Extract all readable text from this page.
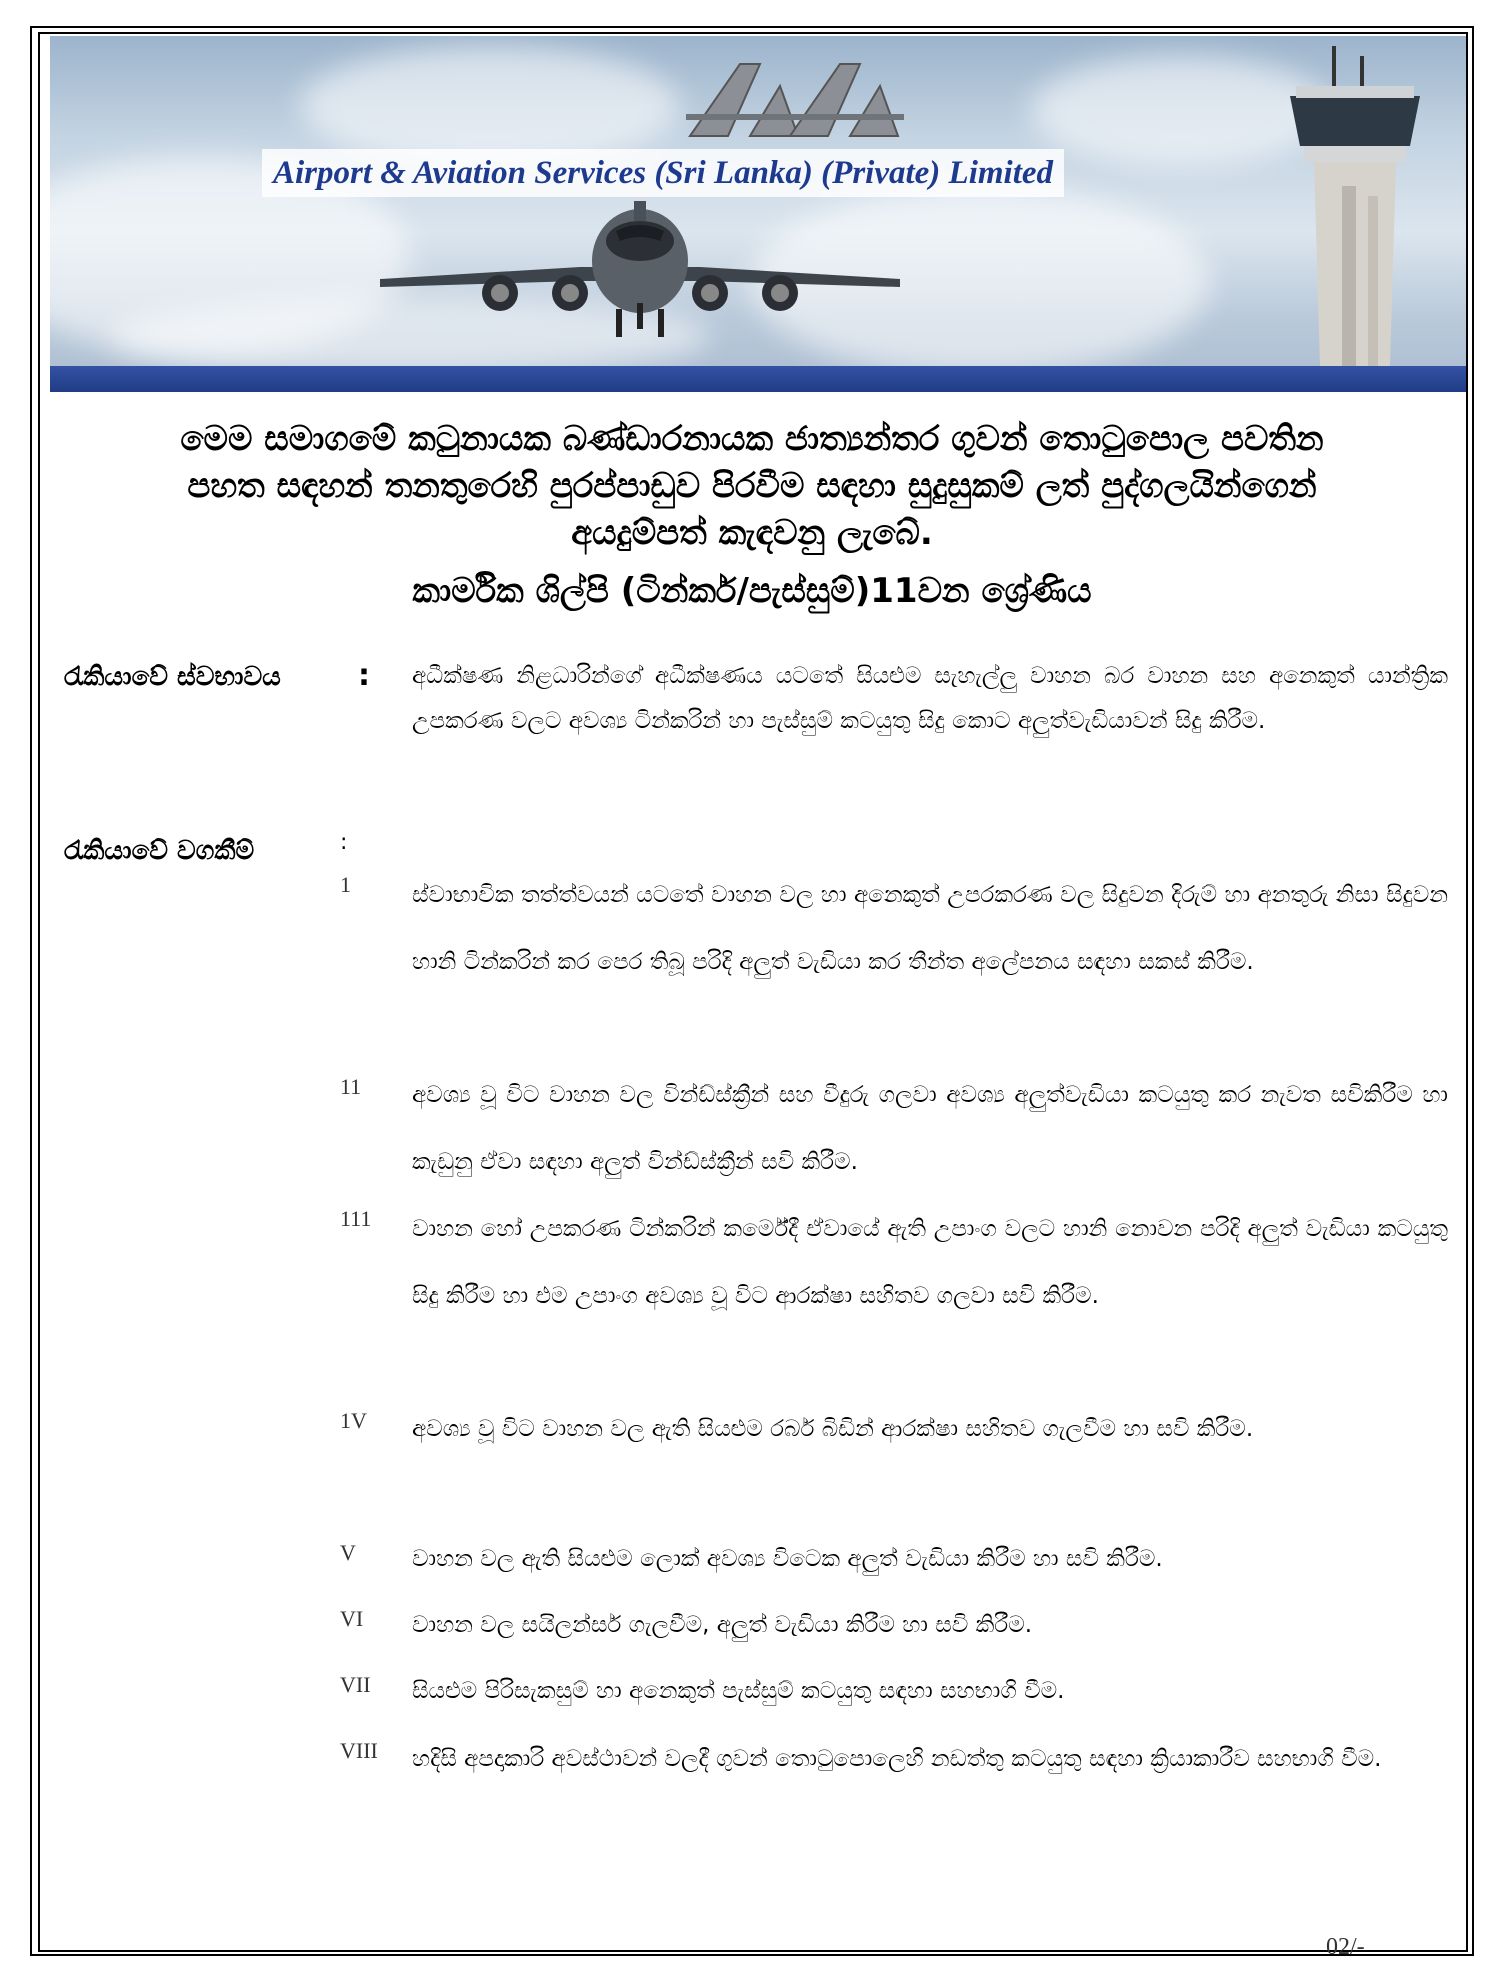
Airport & Aviation Services (Sri Lanka) (Private) Limited
මෙම සමාගමේ කටුනායක බණ්ඩාරනායක ජාත්‍යන්තර ගුවන් තොටුපොල පවතින
පහත සඳහන් තනතුරෙහි පුරප්පාඩුව පිරවීම සඳහා සුදුසුකම් ලත් පුද්ගලයින්ගෙන්
අයදුම්පත් කැඳවනු ලැබේ.
කාර්මික ශිල්පි (ටින්කර්/පැස්සුම්)11වන ශ්‍රේණිය
රැකියාවේ ස්වභාවය	: අධීක්ෂණ නිළධාරින්ගේ අධීක්ෂණය යටතේ සියළුම සැහැල්ලු වාහන බර වාහන සහ අනෙකුත් යාන්ත්‍රික උපකරණ වලට අවශ්‍ය ටින්කරින් හා පැස්සුම් කටයුතු සිදු කොට අලුත්වැඩියාවන් සිදු කිරීම.
රැකියාවේ වගකීම්	:
1	ස්වාභාවික තත්ත්වයන් යටතේ වාහන වල හා අනෙකුත් උපරකරණ වල සිදුවන දිරුම් හා අනතුරු නිසා සිදුවන හානි ටින්කරින් කර පෙර තිබූ පරිදි අලුත් වැඩියා කර තීන්ත අලේපනය සඳහා සකස් කිරීම.
11 අවශ්‍ය වූ විට වාහන වල වින්ඩ්ස්ක්‍රීන් සහ වීදුරු ගලවා අවශ්‍ය අලුත්වැඩියා කටයුතු කර නැවත සවිකිරීම හා කැඩුනු ඒවා සඳහා අලුත් වින්ඩ්ස්ක්‍රීන් සවි කිරීම.
111 වාහන හෝ උපකරණ ටින්කරින් කර්මේදී ඒවායේ ඇති උපාංග වලට හානි නොවන පරිදි අලුත් වැඩියා කටයුතු සිදු කිරීම හා එම උපාංග අවශ්‍ය වූ විට ආරක්ෂා සහිතව ගලවා සවි කිරීම.
1V අවශ්‍ය වූ විට වාහන වල ඇති සියළුම රබර් බිඩින් ආරක්ෂා සහිතව ගැලවීම හා සවි කිරීම.
V වාහන වල ඇති සියළුම ලොක් අවශ්‍ය විටෙක අලුත් වැඩියා කිරීම හා සවි කිරීම.
VI වාහන වල සයිලන්සර් ගැලවීම, අලුත් වැඩියා කිරීම හා සවි කිරීම.
VII සියළුම පිරිසැකසුම් හා අනෙකුත් පැස්සුම් කටයුතු සඳහා සහභාගි වීම.
VIII හදිසි අපදාකාරි අවස්ථාවන් වලදී ගුවන් තොටුපොලෙහි නඩත්තු කටයුතු සඳහා ක්‍රියාකාරීව සහභාගි වීම.
02/-
